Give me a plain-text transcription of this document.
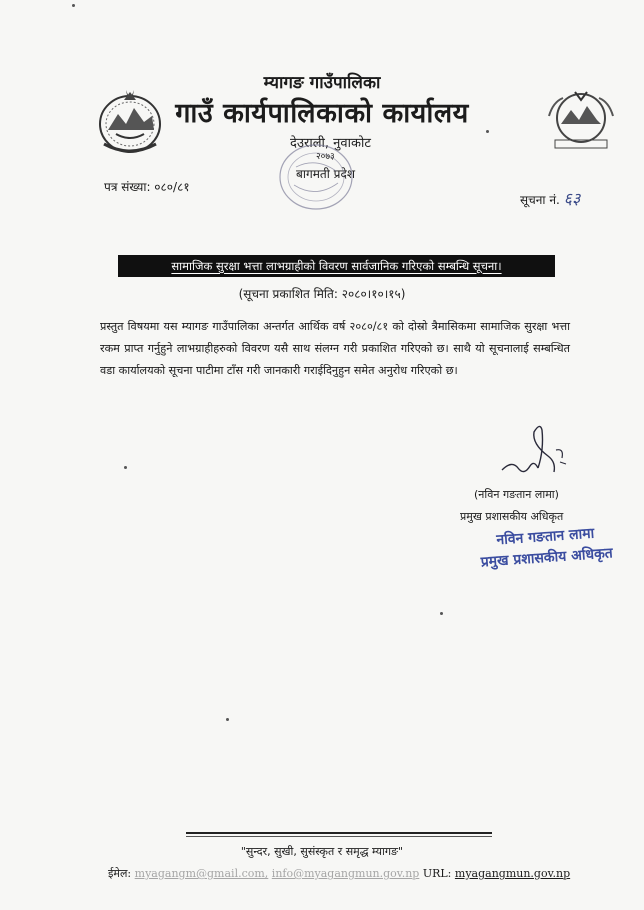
म्यागङ गाउँपालिका
गाउँ कार्यपालिकाको कार्यालय
देउराली, नुवाकोट
२०७३
बागमती प्रदेश
पत्र संख्या: ०८०/८१
सूचना नं. ६३
सामाजिक सुरक्षा भत्ता लाभग्राहीको विवरण सार्वजानिक गरिएको सम्बन्धि सूचना।
(सूचना प्रकाशित मिति: २०८०।१०।१५)
प्रस्तुत विषयमा यस म्यागङ गाउँपालिका अन्तर्गत आर्थिक वर्ष २०८०/८१ को दोस्रो त्रैमासिकमा सामाजिक सुरक्षा भत्ता रकम प्राप्त गर्नुहुने लाभग्राहीहरुको विवरण यसै साथ संलग्न गरी प्रकाशित गरिएको छ। साथै यो सूचनालाई सम्बन्धित वडा कार्यालयको सूचना पाटीमा टाँस गरी जानकारी गराईदिनुहुन समेत अनुरोध गरिएको छ।
(नविन गङतान लामा)
प्रमुख प्रशासकीय अधिकृत
नविन गङतान लामा
प्रमुख प्रशासकीय अधिकृत
"सुन्दर, सुखी, सुसंस्कृत र समृद्ध म्यागङ"
ईमेल: myagangm@gmail.com, info@myagangmun.gov.np URL: myagangmun.gov.np
